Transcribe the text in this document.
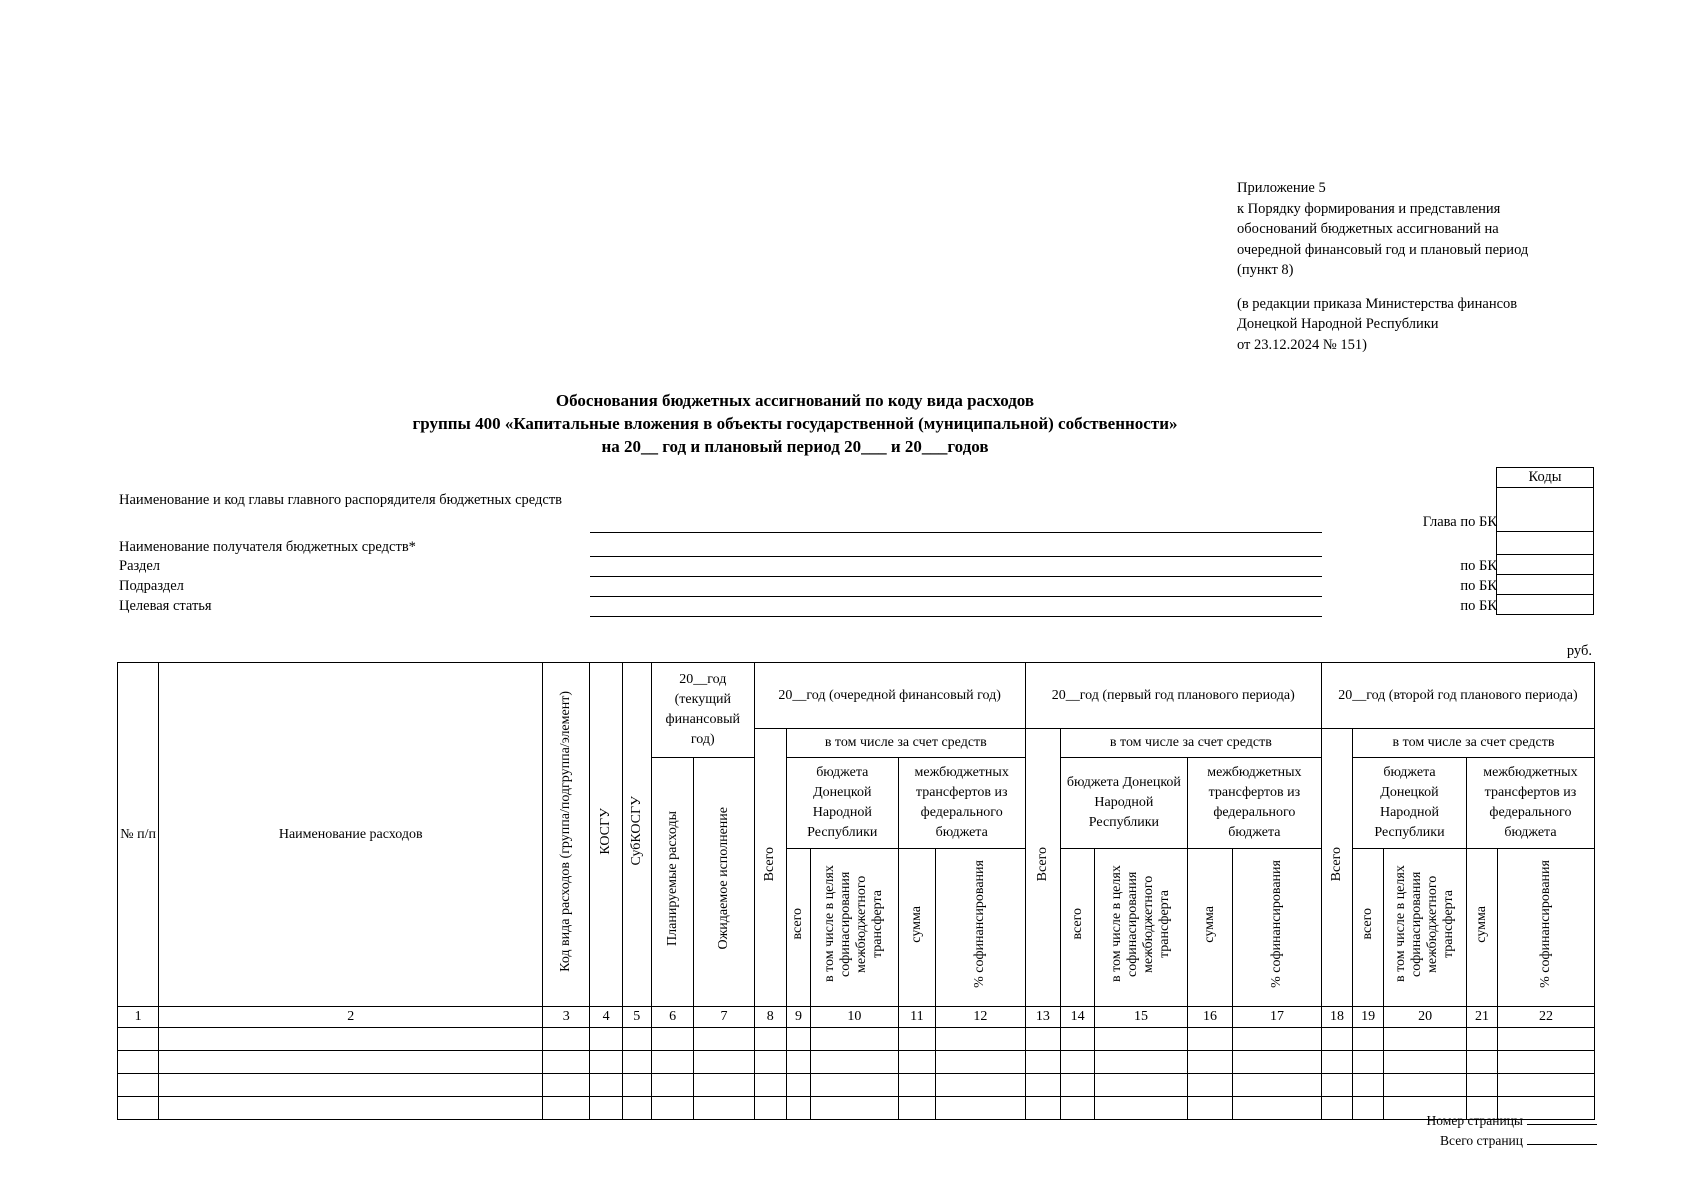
Приложение 5
к Порядку формирования и представления
обоснований бюджетных ассигнований на
очередной финансовый год и плановый период
(пункт 8)
(в редакции приказа Министерства финансов
Донецкой Народной Республики
от 23.12.2024 № 151)
Обоснования бюджетных ассигнований по коду вида расходов
группы 400 «Капитальные вложения в объекты государственной (муниципальной) собственности»
на 20__ год и плановый период 20___ и 20___годов
Наименование и код главы главного распорядителя бюджетных средств
Глава по БК
Наименование получателя бюджетных средств*
Раздел	по БК
Подраздел	по БК
Целевая статья	по БК
Коды

руб.
№ п/п	Наименование расходов	Код вида расходов (группа/подгруппа/элемент)	КОСГУ	СубКОСГУ	20__год (текущий финансовый год)		20__год (очередной финансовый год)					20__год (первый год планового периода)					20__год (второй год планового периода)				
							Всего	в том числе за счет средств				Всего	в том числе за счет средств				Всего	в том числе за счет средств			
					Планируемые расходы	Ожидаемое исполнение		бюджета Донецкой Народной Республики		межбюджетных трансфертов из федерального бюджета			бюджета Донецкой Народной Республики		межбюджетных трансфертов из федерального бюджета			бюджета Донецкой Народной Республики		межбюджетных трансфертов из федерального бюджета	
								всего	в том числе в целях софинасирования межбюджетного трансферта	сумма	% софинансирования		всего	в том числе в целях софинасирования межбюджетного трансферта	сумма	% софинансирования		всего	в том числе в целях софинасирования межбюджетного трансферта	сумма	% софинансирования
1	2	3	4	5	6	7	8	9	10	11	12	13	14	15	16	17	18	19	20	21	22

Номер страницы
Всего страниц
